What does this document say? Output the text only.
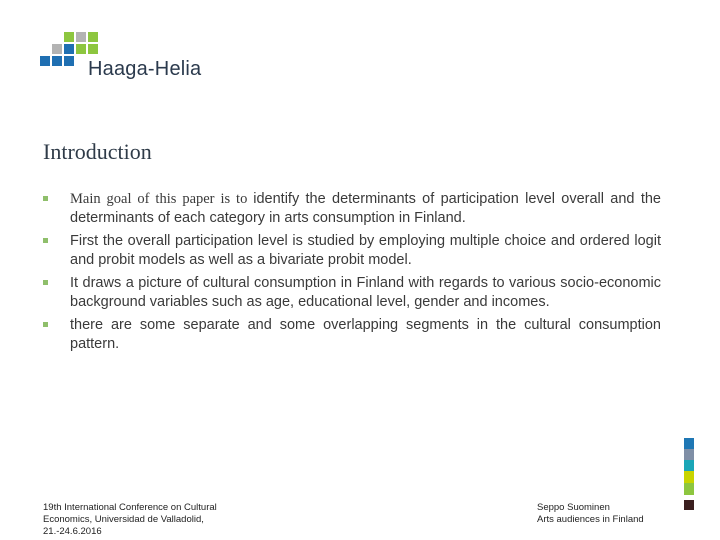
Haaga-Helia
Introduction
Main goal of this paper is to identify the determinants of participation level overall and the determinants of each category in arts consumption in Finland.
First the overall participation level is studied by employing multiple choice and ordered logit and probit models as well as a bivariate probit model.
It draws a picture of cultural consumption in Finland with regards to various socio-economic background variables such as age, educational level, gender and incomes.
there are some separate and some overlapping segments in the cultural consumption pattern.
19th International Conference on Cultural Economics, Universidad de Valladolid, 21.-24.6.2016
Seppo Suominen
Arts audiences in Finland
